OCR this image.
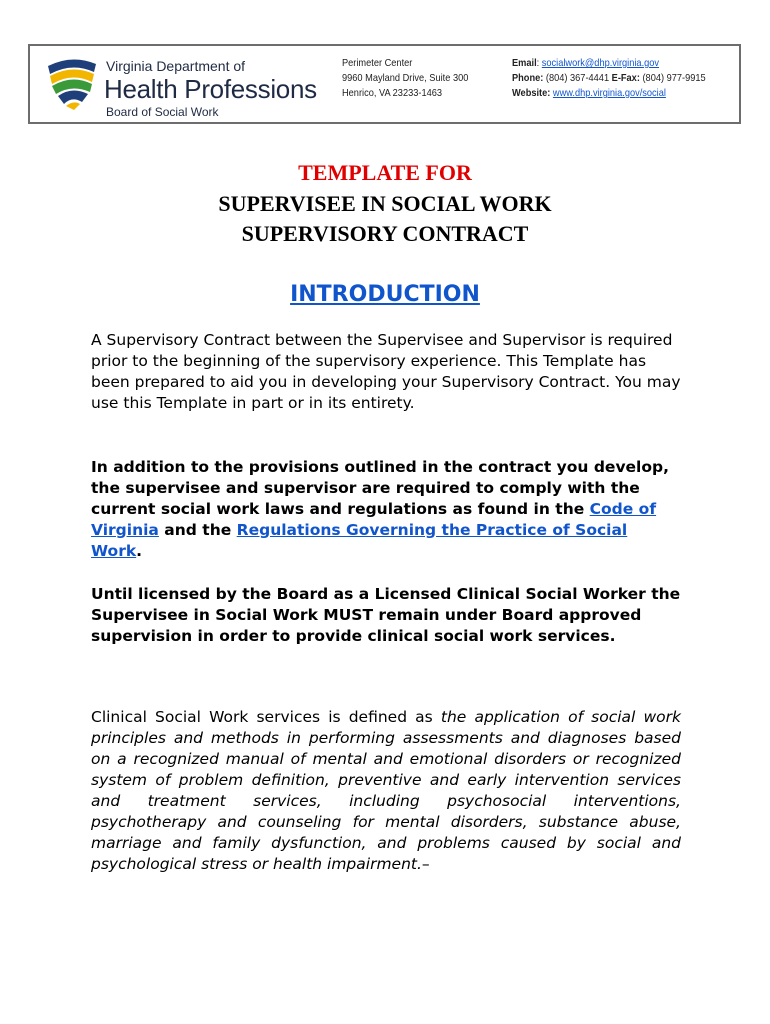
Virginia Department of
Health Professions
Board of Social Work
Perimeter Center
9960 Mayland Drive, Suite 300
Henrico, VA 23233-1463
Email: socialwork@dhp.virginia.gov
Phone: (804) 367-4441 E-Fax: (804) 977-9915
Website: www.dhp.virginia.gov/social
TEMPLATE FOR
SUPERVISEE IN SOCIAL WORK
SUPERVISORY CONTRACT
INTRODUCTION
A Supervisory Contract between the Supervisee and Supervisor is required prior to the beginning of the supervisory experience. This Template has been prepared to aid you in developing your Supervisory Contract. You may use this Template in part or in its entirety.
In addition to the provisions outlined in the contract you develop, the supervisee and supervisor are required to comply with the current social work laws and regulations as found in the Code of Virginia and the Regulations Governing the Practice of Social Work.
Until licensed by the Board as a Licensed Clinical Social Worker the Supervisee in Social Work MUST remain under Board approved supervision in order to provide clinical social work services.
Clinical Social Work services is defined as the application of social work principles and methods in performing assessments and diagnoses based on a recognized manual of mental and emotional disorders or recognized system of problem definition, preventive and early intervention services and treatment services, including psychosocial interventions, psychotherapy and counseling for mental disorders, substance abuse, marriage and family dysfunction, and problems caused by social and psychological stress or health impairment.–
